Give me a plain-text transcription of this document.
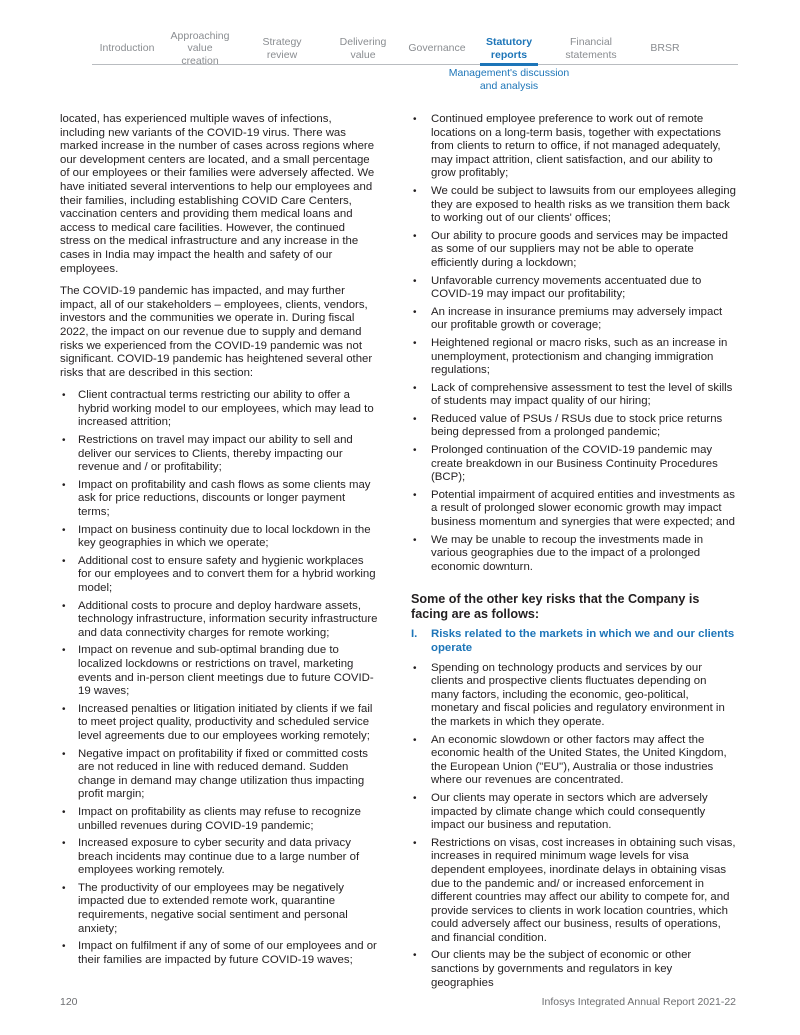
Introduction
Approaching value creation
Strategy review
Delivering value
Governance
Statutory reports
Financial statements
BRSR
Management's discussion and analysis

located, has experienced multiple waves of infections, including new variants of the COVID-19 virus. There was marked increase in the number of cases across regions where our development centers are located, and a small percentage of our employees or their families were adversely affected. We have initiated several interventions to help our employees and their families, including establishing COVID Care Centers, vaccination centers and providing them medical loans and access to medical care facilities. However, the continued stress on the medical infrastructure and any increase in the cases in India may impact the health and safety of our employees.

The COVID-19 pandemic has impacted, and may further impact, all of our stakeholders – employees, clients, vendors, investors and the communities we operate in. During fiscal 2022, the impact on our revenue due to supply and demand risks we experienced from the COVID-19 pandemic was not significant. COVID-19 pandemic has heightened several other risks that are described in this section:

• Client contractual terms restricting our ability to offer a hybrid working model to our employees, which may lead to increased attrition;
• Restrictions on travel may impact our ability to sell and deliver our services to Clients, thereby impacting our revenue and / or profitability;
• Impact on profitability and cash flows as some clients may ask for price reductions, discounts or longer payment terms;
• Impact on business continuity due to local lockdown in the key geographies in which we operate;
• Additional cost to ensure safety and hygienic workplaces for our employees and to convert them for a hybrid working model;
• Additional costs to procure and deploy hardware assets, technology infrastructure, information security infrastructure and data connectivity charges for remote working;
• Impact on revenue and sub-optimal branding due to localized lockdowns or restrictions on travel, marketing events and in-person client meetings due to future COVID-19 waves;
• Increased penalties or litigation initiated by clients if we fail to meet project quality, productivity and scheduled service level agreements due to our employees working remotely;
• Negative impact on profitability if fixed or committed costs are not reduced in line with reduced demand. Sudden change in demand may change utilization thus impacting profit margin;
• Impact on profitability as clients may refuse to recognize unbilled revenues during COVID-19 pandemic;
• Increased exposure to cyber security and data privacy breach incidents may continue due to a large number of employees working remotely.
• The productivity of our employees may be negatively impacted due to extended remote work, quarantine requirements, negative social sentiment and personal anxiety;
• Impact on fulfilment if any of some of our employees and or their families are impacted by future COVID-19 waves;
• Continued employee preference to work out of remote locations on a long-term basis, together with expectations from clients to return to office, if not managed adequately, may impact attrition, client satisfaction, and our ability to grow profitably;
• We could be subject to lawsuits from our employees alleging they are exposed to health risks as we transition them back to working out of our clients' offices;
• Our ability to procure goods and services may be impacted as some of our suppliers may not be able to operate efficiently during a lockdown;
• Unfavorable currency movements accentuated due to COVID-19 may impact our profitability;
• An increase in insurance premiums may adversely impact our profitable growth or coverage;
• Heightened regional or macro risks, such as an increase in unemployment, protectionism and changing immigration regulations;
• Lack of comprehensive assessment to test the level of skills of students may impact quality of our hiring;
• Reduced value of PSUs / RSUs due to stock price returns being depressed from a prolonged pandemic;
• Prolonged continuation of the COVID-19 pandemic may create breakdown in our Business Continuity Procedures (BCP);
• Potential impairment of acquired entities and investments as a result of prolonged slower economic growth may impact business momentum and synergies that were expected; and
• We may be unable to recoup the investments made in various geographies due to the impact of a prolonged economic downturn.
Some of the other key risks that the Company is facing are as follows:
I. Risks related to the markets in which we and our clients operate
• Spending on technology products and services by our clients and prospective clients fluctuates depending on many factors, including the economic, geo-political, monetary and fiscal policies and regulatory environment in the markets in which they operate.
• An economic slowdown or other factors may affect the economic health of the United States, the United Kingdom, the European Union ("EU"), Australia or those industries where our revenues are concentrated.
• Our clients may operate in sectors which are adversely impacted by climate change which could consequently impact our business and reputation.
• Restrictions on visas, cost increases in obtaining such visas, increases in required minimum wage levels for visa dependent employees, inordinate delays in obtaining visas due to the pandemic and/ or increased enforcement in different countries may affect our ability to compete for, and provide services to clients in work location countries, which could adversely affect our business, results of operations, and financial condition.
• Our clients may be the subject of economic or other sanctions by governments and regulators in key geographies
120	Infosys Integrated Annual Report 2021-22
